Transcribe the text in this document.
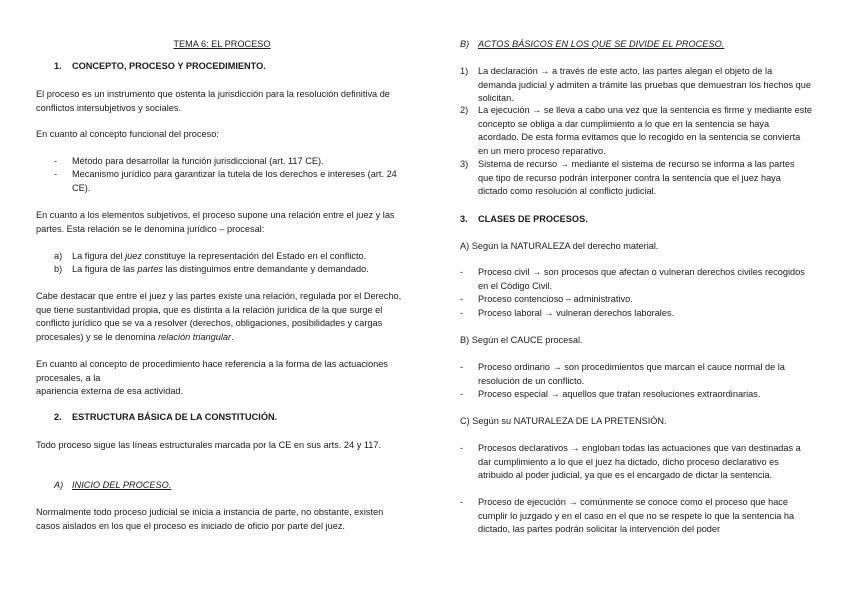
TEMA 6: EL PROCESO
1.	CONCEPTO, PROCESO Y PROCEDIMIENTO.
El proceso es un instrumento que ostenta la jurisdicción para la resolución definitiva de conflictos intersubjetivos y sociales.
En cuanto al concepto funcional del proceso:
-	Método para desarrollar la función jurisdiccional (art. 117 CE).
-	Mecanismo jurídico para garantizar la tutela de los derechos e intereses (art. 24 CE).
En cuanto a los elementos subjetivos, el proceso supone una relación entre el juez y las partes. Esta relación se le denomina jurídico – procesal:
a)	La figura del juez constituye la representación del Estado en el conflicto.
b)	La figura de las partes las distinguimos entre demandante y demandado.
Cabe destacar que entre el juez y las partes existe una relación, regulada por el Derecho, que tiene sustantividad propia, que es distinta a la relación jurídica de la que surge el conflicto jurídico que se va a resolver (derechos, obligaciones, posibilidades y cargas procesales) y se le denomina relación triangular.
En cuanto al concepto de procedimiento hace referencia a la forma de las actuaciones procesales, a la
apariencia externa de esa actividad.
2.	ESTRUCTURA BÁSICA DE LA CONSTITUCIÓN.
Todo proceso sigue las líneas estructurales marcada por la CE en sus arts. 24 y 117.
A) INICIO DEL PROCESO.
Normalmente todo proceso judicial se inicia a instancia de parte, no obstante, existen casos aislados en los que el proceso es iniciado de oficio por parte del juez.
B) ACTOS BÁSICOS EN LOS QUE SE DIVIDE EL PROCESO.
1)	La declaración → a través de este acto, las partes alegan el objeto de la demanda judicial y admiten a trámite las pruebas que demuestran los hechos que solicitan.
2)	La ejecución → se lleva a cabo una vez que la sentencia es firme y mediante este concepto se obliga a dar cumplimiento a lo que en la sentencia se haya acordado. De esta forma evitamos que lo recogido en la sentencia se convierta en un mero proceso reparativo.
3)	Sistema de recurso → mediante el sistema de recurso se informa a las partes que tipo de recurso podrán interponer contra la sentencia que el juez haya dictado como resolución al conflicto judicial.
3.	CLASES DE PROCESOS.
A) Según la NATURALEZA del derecho material.
-	Proceso civil → son procesos que afectan o vulneran derechos civiles recogidos en el Código Civil.
-	Proceso contencioso – administrativo.
-	Proceso laboral → vulneran derechos laborales.
B) Según el CAUCE procesal.
-	Proceso ordinario → son procedimientos que marcan el cauce normal de la resolución de un conflicto.
-	Proceso especial → aquellos que tratan resoluciones extraordinarias.
C) Según su NATURALEZA DE LA PRETENSIÓN.
-	Procesos declarativos → engloban todas las actuaciones que van destinadas a dar cumplimiento a lo que el juez ha dictado, dicho proceso declarativo es atribuido al poder judicial, ya que es el encargado de dictar la sentencia.
-	Proceso de ejecución → comúnmente se conoce como el proceso que hace cumplir lo juzgado y en el caso en el que no se respete lo que la sentencia ha dictado, las partes podrán solicitar la intervención del poder
